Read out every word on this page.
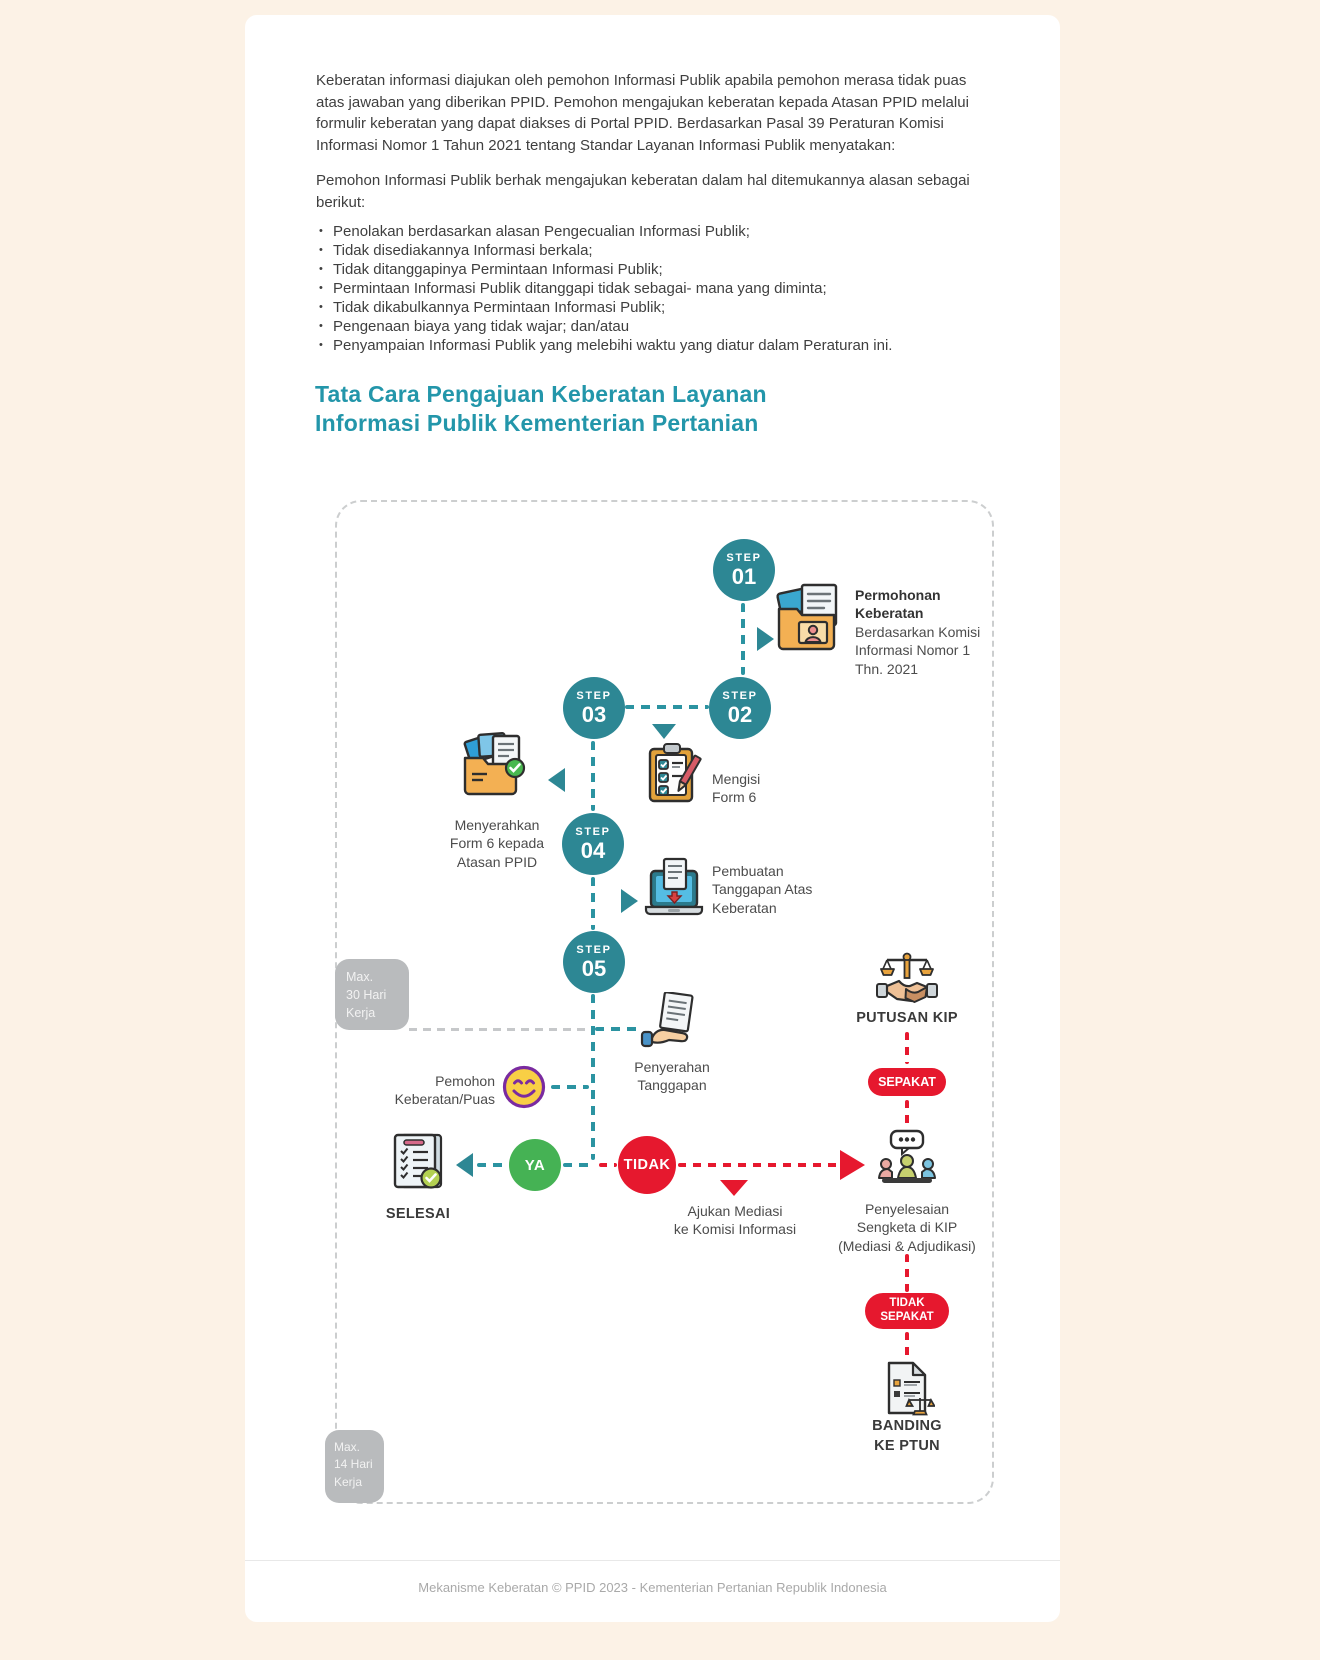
Keberatan informasi diajukan oleh pemohon Informasi Publik apabila pemohon merasa tidak puas atas jawaban yang diberikan PPID. Pemohon mengajukan keberatan kepada Atasan PPID melalui formulir keberatan yang dapat diakses di Portal PPID. Berdasarkan Pasal 39 Peraturan Komisi Informasi Nomor 1 Tahun 2021 tentang Standar Layanan Informasi Publik menyatakan:

Pemohon Informasi Publik berhak mengajukan keberatan dalam hal ditemukannya alasan sebagai berikut:

• Penolakan berdasarkan alasan Pengecualian Informasi Publik;
• Tidak disediakannya Informasi berkala;
• Tidak ditanggapinya Permintaan Informasi Publik;
• Permintaan Informasi Publik ditanggapi tidak sebagai- mana yang diminta;
• Tidak dikabulkannya Permintaan Informasi Publik;
• Pengenaan biaya yang tidak wajar; dan/atau
• Penyampaian Informasi Publik yang melebihi waktu yang diatur dalam Peraturan ini.
Tata Cara Pengajuan Keberatan Layanan
Informasi Publik Kementerian Pertanian
Max.
30 Hari
Kerja
Max.
14 Hari
Kerja
STEP
01
STEP
02
STEP
03
STEP
04
STEP
05
Permohonan
Keberatan
Berdasarkan Komisi
Informasi Nomor 1
Thn. 2021
Mengisi
Form 6
Menyerahkan
Form 6 kepada
Atasan PPID
Pembuatan
Tanggapan Atas
Keberatan
Penyerahan
Tanggapan
Pemohon
Keberatan/Puas
YA	TIDAK
SELESAI	Ajukan Mediasi
ke Komisi Informasi
PUTUSAN KIP
SEPAKAT
Penyelesaian
Sengketa di KIP
(Mediasi & Adjudikasi)
TIDAK
SEPAKAT
BANDING
KE PTUN
Mekanisme Keberatan © PPID 2023 - Kementerian Pertanian Republik Indonesia
